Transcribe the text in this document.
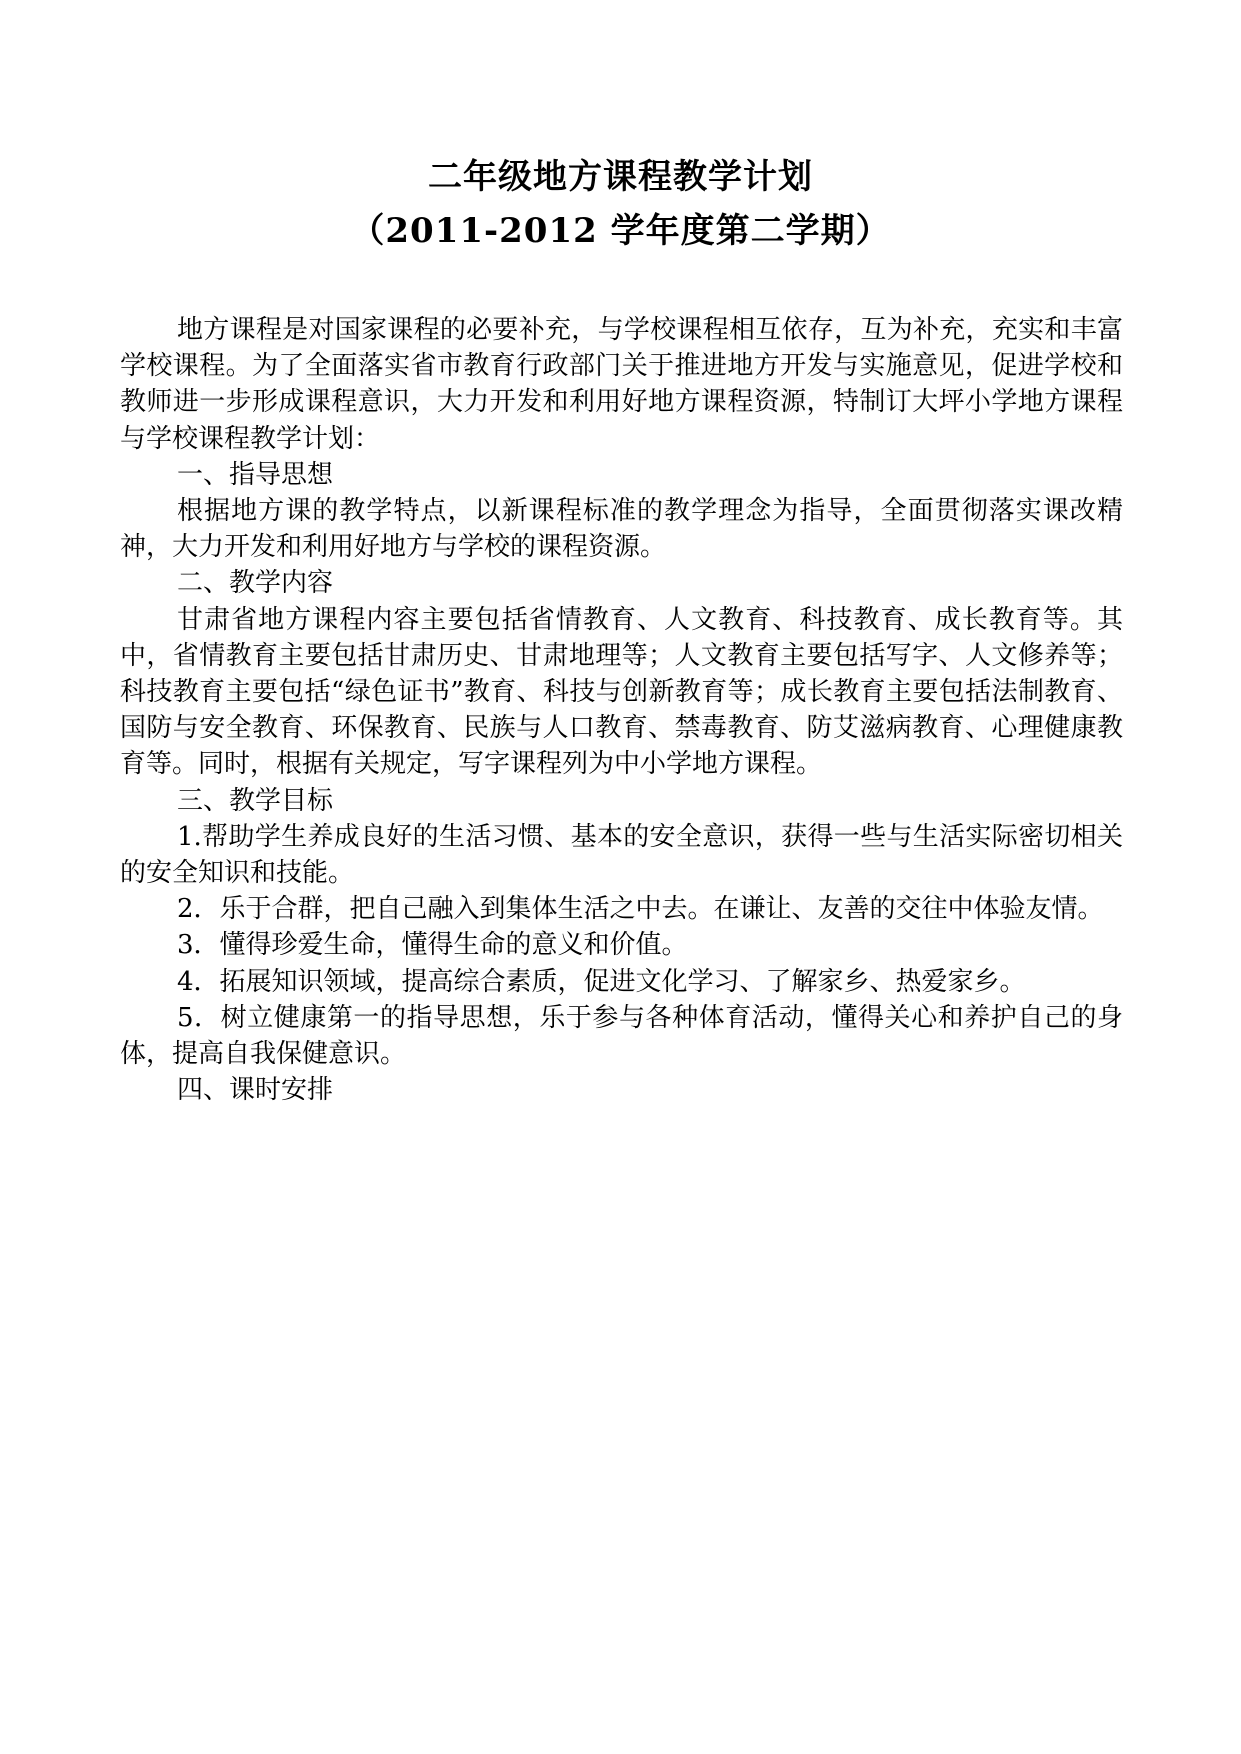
二年级地方课程教学计划
（2011-2012 学年度第二学期）

地方课程是对国家课程的必要补充，与学校课程相互依存，互为补充，充实和丰富学校课程。为了全面落实省市教育行政部门关于推进地方开发与实施意见，促进学校和教师进一步形成课程意识，大力开发和利用好地方课程资源，特制订大坪小学地方课程与学校课程教学计划：

一、指导思想

根据地方课的教学特点，以新课程标准的教学理念为指导，全面贯彻落实课改精神，大力开发和利用好地方与学校的课程资源。

二、教学内容

甘肃省地方课程内容主要包括省情教育、人文教育、科技教育、成长教育等。其中，省情教育主要包括甘肃历史、甘肃地理等；人文教育主要包括写字、人文修养等；科技教育主要包括“绿色证书”教育、科技与创新教育等；成长教育主要包括法制教育、国防与安全教育、环保教育、民族与人口教育、禁毒教育、防艾滋病教育、心理健康教育等。同时，根据有关规定，写字课程列为中小学地方课程。

三、教学目标

1.帮助学生养成良好的生活习惯、基本的安全意识，获得一些与生活实际密切相关的安全知识和技能。

2．乐于合群，把自己融入到集体生活之中去。在谦让、友善的交往中体验友情。

3．懂得珍爱生命，懂得生命的意义和价值。

4．拓展知识领域，提高综合素质，促进文化学习、了解家乡、热爱家乡。

5．树立健康第一的指导思想，乐于参与各种体育活动，懂得关心和养护自己的身体，提高自我保健意识。

四、课时安排
